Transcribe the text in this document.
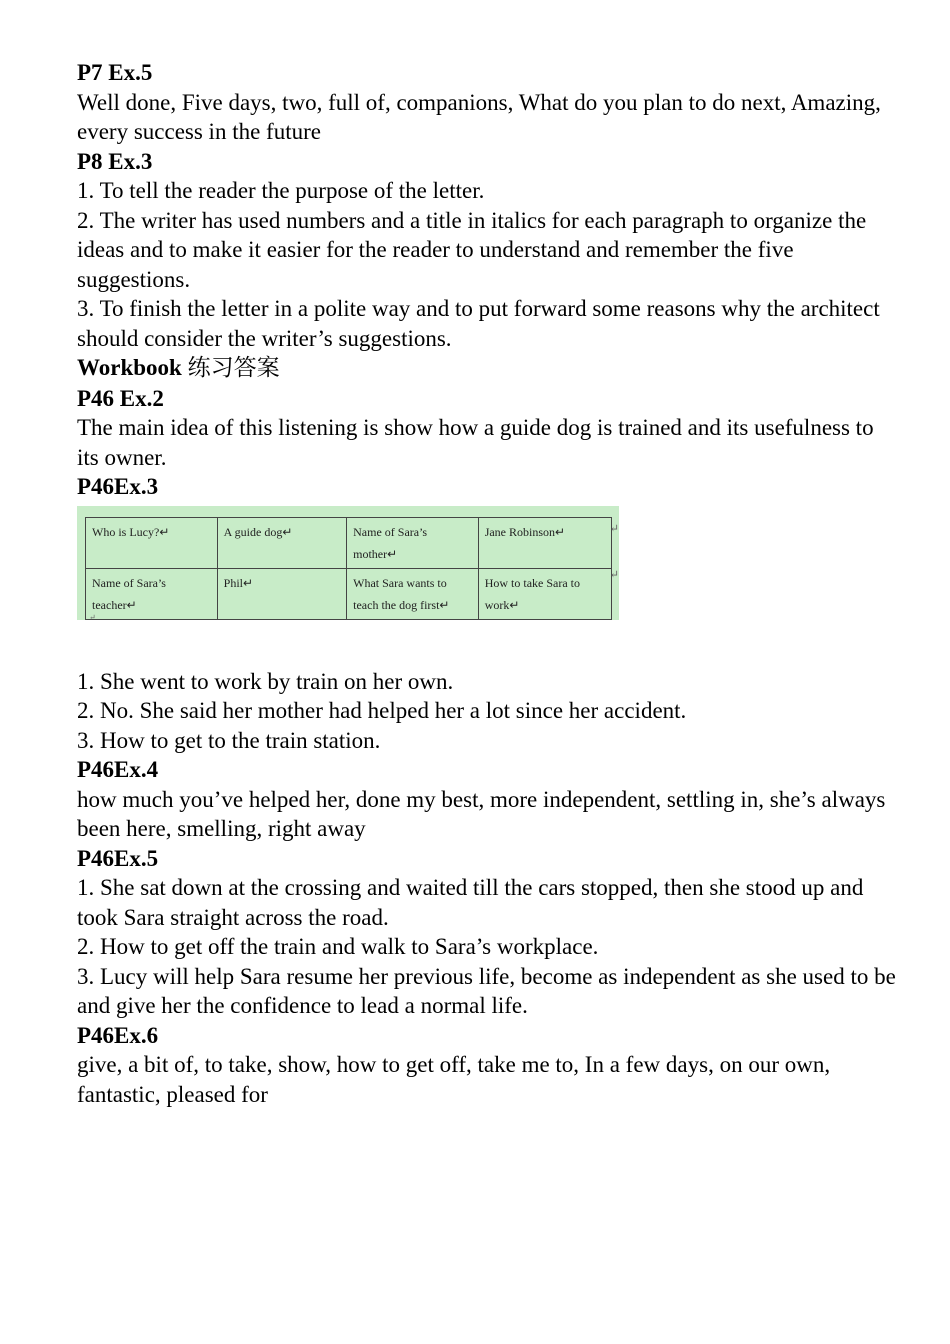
P7 Ex.5

Well done, Five days, two, full of, companions, What do you plan to do next, Amazing, every success in the future

P8 Ex.3

1. To tell the reader the purpose of the letter.

2. The writer has used numbers and a title in italics for each paragraph to organize the ideas and to make it easier for the reader to understand and remember the five suggestions.

3. To finish the letter in a polite way and to put forward some reasons why the architect should consider the writer’s suggestions.

Workbook 练习答案

P46 Ex.2

The main idea of this listening is show how a guide dog is trained and its usefulness to its owner.

P46Ex.3

Who is Lucy?↵	A guide dog↵	Name of Sara’s mother↵	Jane Robinson↵
Name of Sara’s teacher↵	Phil↵	What Sara wants to teach the dog first↵	How to take Sara to work↵
↵
↵
↵

1. She went to work by train on her own.

2. No. She said her mother had helped her a lot since her accident.

3. How to get to the train station.

P46Ex.4

how much you’ve helped her, done my best, more independent, settling in, she’s always been here, smelling, right away

P46Ex.5

1. She sat down at the crossing and waited till the cars stopped, then she stood up and took Sara straight across the road.

2. How to get off the train and walk to Sara’s workplace.

3. Lucy will help Sara resume her previous life, become as independent as she used to be and give her the confidence to lead a normal life.

P46Ex.6

give, a bit of, to take, show, how to get off, take me to, In a few days, on our own, fantastic, pleased for
